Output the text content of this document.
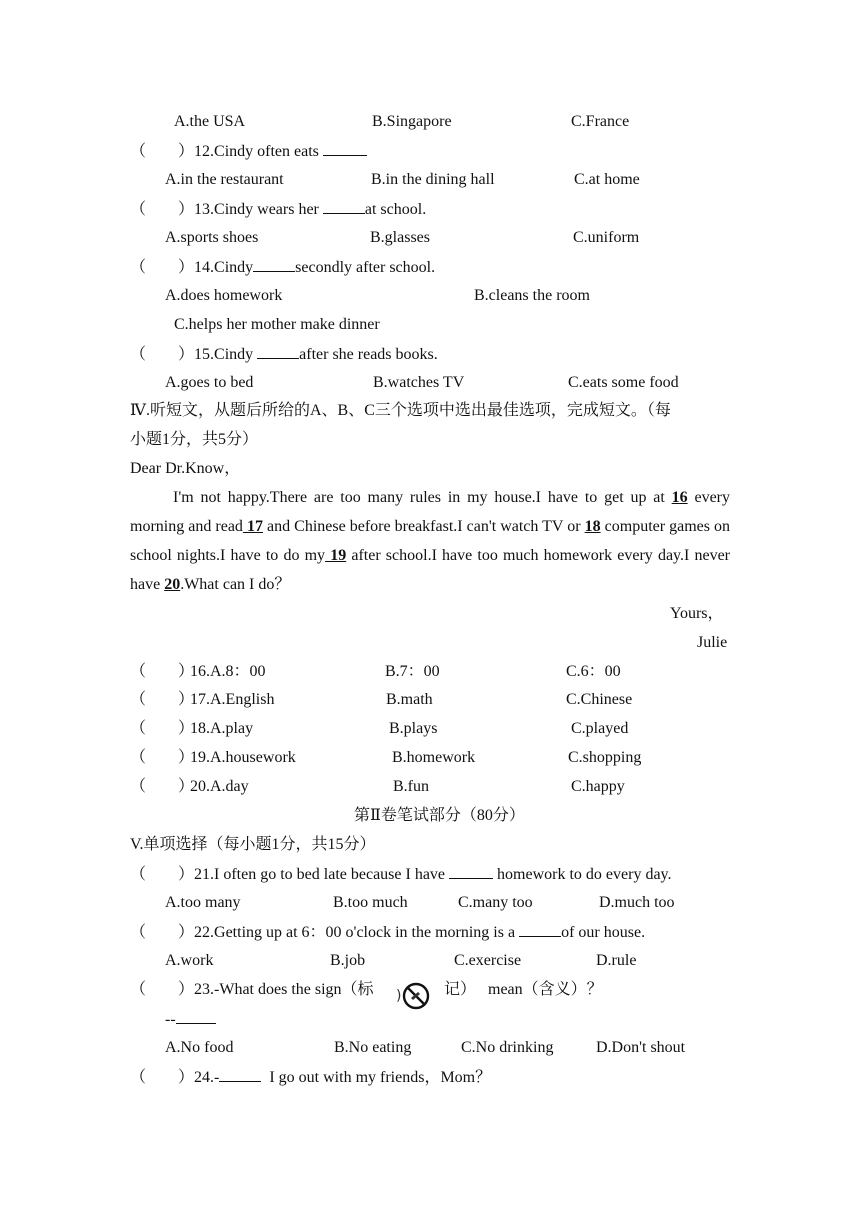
A.the USA	B.Singapore	C.France
（　　）12.Cindy often eats
A.in the restaurant	B.in the dining hall	C.at home
（　　）13.Cindy wears her	at school.
A.sports shoes	B.glasses	C.uniform
（　　）14.Cindy	secondly after school.
A.does homework	B.cleans the room
C.helps her mother make dinner
（　　）15.Cindy	after she reads books.
A.goes to bed	B.watches TV	C.eats some food
Ⅳ.听短文，从题后所给的A、B、C三个选项中选出最佳选项，完成短文。（每
小题1分，共5分）
Dear Dr.Know，

I'm not happy.There are too many rules in my house.I have to get up at 16 every morning and read 17 and Chinese before breakfast.I can't watch TV or 18 computer games on school nights.I have to do my 19 after school.I have too much homework every day.I never have 20.What can I do？

Yours，
Julie
（　　）
16.A.8：00	B.7：00	C.6：00
（　　）
17.A.English	B.math	C.Chinese
（　　）
18.A.play	B.plays	C.played
（　　）
19.A.housework	B.homework	C.shopping
（　　）
20.A.day	B.fun	C.happy
第Ⅱ卷笔试部分（80分）
V.单项选择（每小题1分，共15分）
（　　）21.I often go to bed late because I have	homework to do every day.
A.too many	B.too much	C.many too	D.much too
（　　）22.Getting up at 6：00 o'clock in the morning is a	of our house.
A.work	B.job	C.exercise	D.rule
（　　）23.-What does the sign（标 )	记） mean（含义）？
--
A.No food	B.No eating	C.No drinking	D.Don't shout
（　　）24.-	I go out with my friends，Mom？
